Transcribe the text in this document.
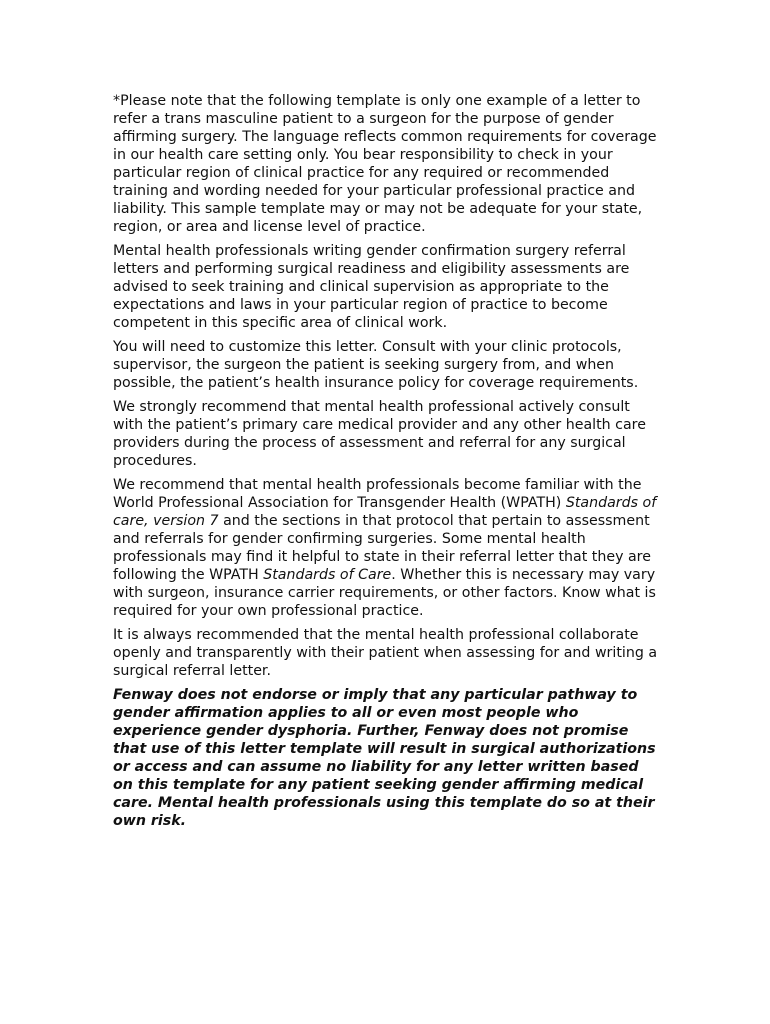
*Please note that the following template is only one example of a letter to refer a trans masculine patient to a surgeon for the purpose of gender affirming surgery. The language reflects common requirements for coverage in our health care setting only. You bear responsibility to check in your particular region of clinical practice for any required or recommended training and wording needed for your particular professional practice and liability. This sample template may or may not be adequate for your state, region, or area and license level of practice.

Mental health professionals writing gender confirmation surgery referral letters and performing surgical readiness and eligibility assessments are advised to seek training and clinical supervision as appropriate to the expectations and laws in your particular region of practice to become competent in this specific area of clinical work.

You will need to customize this letter. Consult with your clinic protocols, supervisor, the surgeon the patient is seeking surgery from, and when possible, the patient’s health insurance policy for coverage requirements.

We strongly recommend that mental health professional actively consult with the patient’s primary care medical provider and any other health care providers during the process of assessment and referral for any surgical procedures.

We recommend that mental health professionals become familiar with the World Professional Association for Transgender Health (WPATH) Standards of care, version 7 and the sections in that protocol that pertain to assessment and referrals for gender confirming surgeries. Some mental health professionals may find it helpful to state in their referral letter that they are following the WPATH Standards of Care. Whether this is necessary may vary with surgeon, insurance carrier requirements, or other factors. Know what is required for your own professional practice.

It is always recommended that the mental health professional collaborate openly and transparently with their patient when assessing for and writing a surgical referral letter.

Fenway does not endorse or imply that any particular pathway to gender affirmation applies to all or even most people who experience gender dysphoria. Further, Fenway does not promise that use of this letter template will result in surgical authorizations or access and can assume no liability for any letter written based on this template for any patient seeking gender affirming medical care. Mental health professionals using this template do so at their own risk.
